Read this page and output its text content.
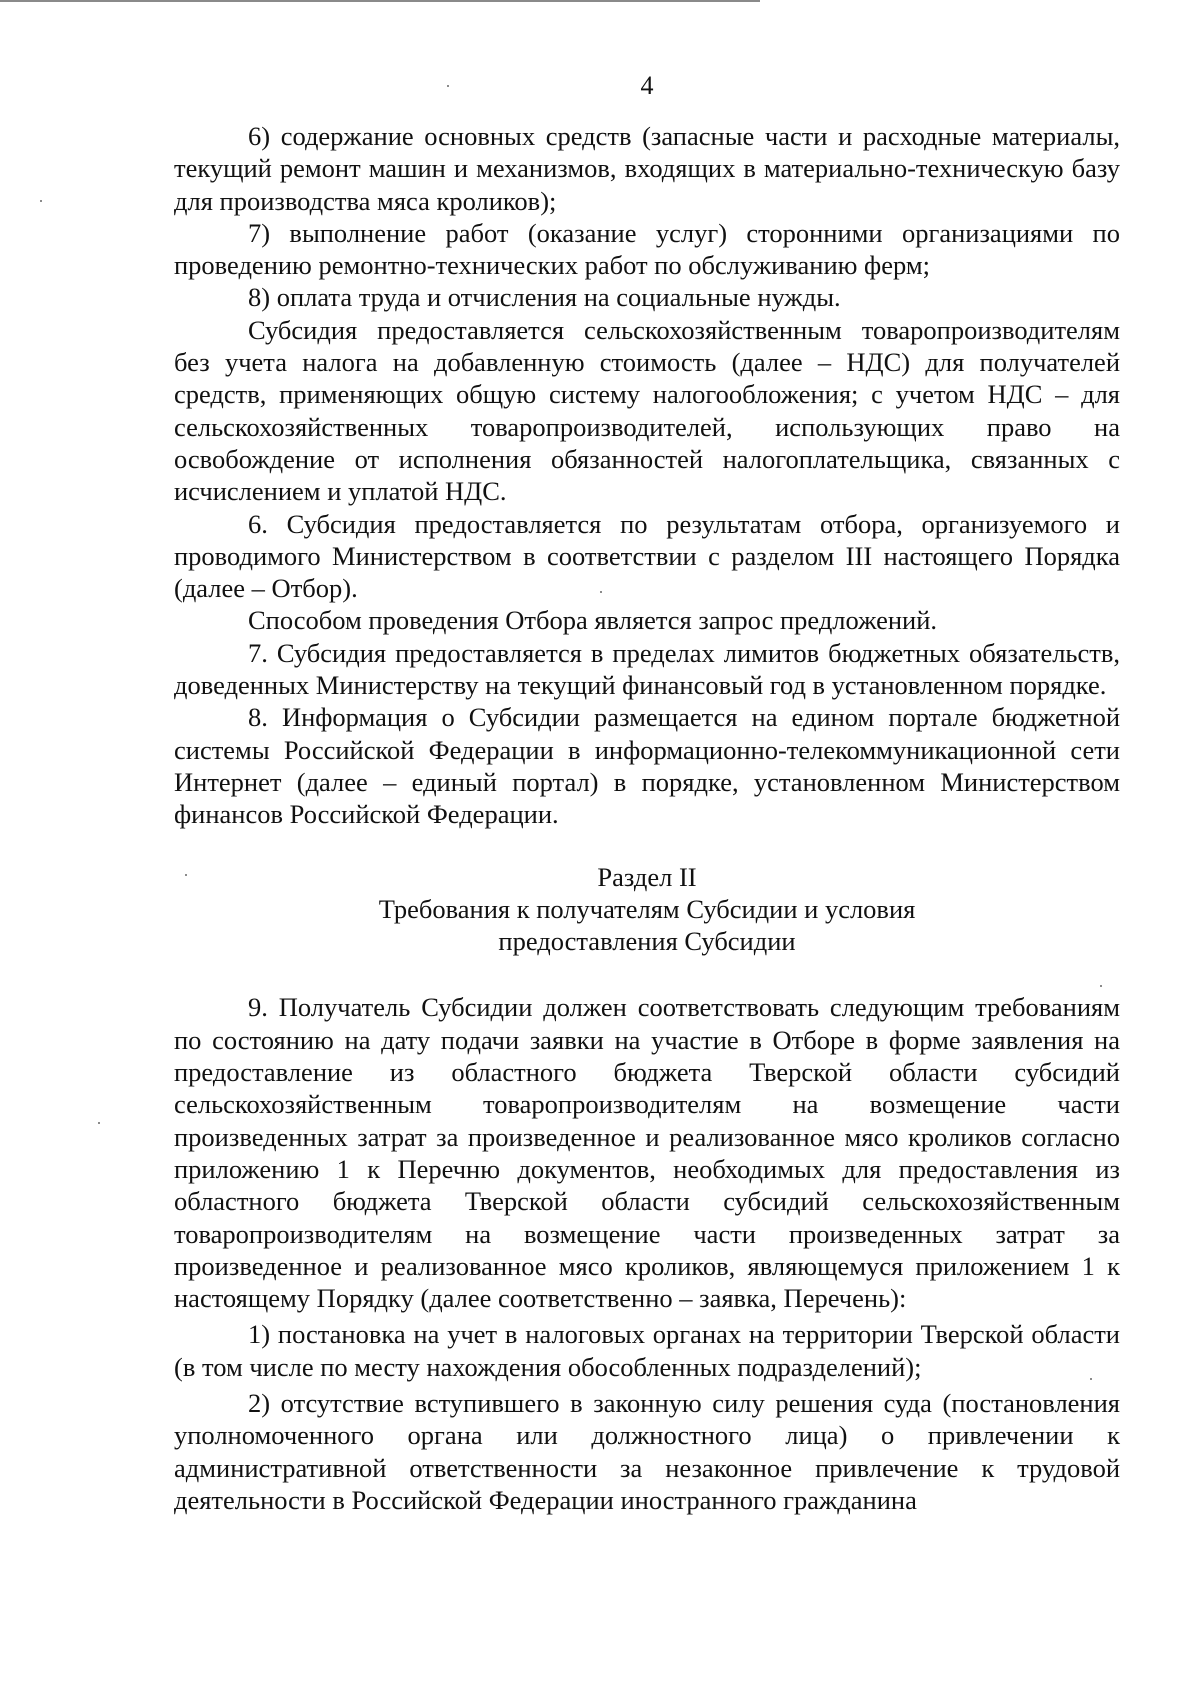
4

6) содержание основных средств (запасные части и расходные материалы, текущий ремонт машин и механизмов, входящих в материально-техническую базу для производства мяса кроликов);

7) выполнение работ (оказание услуг) сторонними организациями по проведению ремонтно-технических работ по обслуживанию ферм;

8) оплата труда и отчисления на социальные нужды.

Субсидия предоставляется сельскохозяйственным товаропроизводителям без учета налога на добавленную стоимость (далее – НДС) для получателей средств, применяющих общую систему налогообложения; с учетом НДС – для сельскохозяйственных товаропроизводителей, использующих право на освобождение от исполнения обязанностей налогоплательщика, связанных с исчислением и уплатой НДС.

6. Субсидия предоставляется по результатам отбора, организуемого и проводимого Министерством в соответствии с разделом III настоящего Порядка (далее – Отбор).

Способом проведения Отбора является запрос предложений.

7. Субсидия предоставляется в пределах лимитов бюджетных обязательств, доведенных Министерству на текущий финансовый год в установленном порядке.

8. Информация о Субсидии размещается на едином портале бюджетной системы Российской Федерации в информационно-телекоммуникационной сети Интернет (далее – единый портал) в порядке, установленном Министерством финансов Российской Федерации.

Раздел II

Требования к получателям Субсидии и условия

предоставления Субсидии

9. Получатель Субсидии должен соответствовать следующим требованиям по состоянию на дату подачи заявки на участие в Отборе в форме заявления на предоставление из областного бюджета Тверской области субсидий сельскохозяйственным товаропроизводителям на возмещение части произведенных затрат за произведенное и реализованное мясо кроликов согласно приложению 1 к Перечню документов, необходимых для предоставления из областного бюджета Тверской области субсидий сельскохозяйственным товаропроизводителям на возмещение части произведенных затрат за произведенное и реализованное мясо кроликов, являющемуся приложением 1 к настоящему Порядку (далее соответственно – заявка, Перечень):

1) постановка на учет в налоговых органах на территории Тверской области (в том числе по месту нахождения обособленных подразделений);

2) отсутствие вступившего в законную силу решения суда (постановления уполномоченного органа или должностного лица) о привлечении к административной ответственности за незаконное привлечение к трудовой деятельности в Российской Федерации иностранного гражданина
